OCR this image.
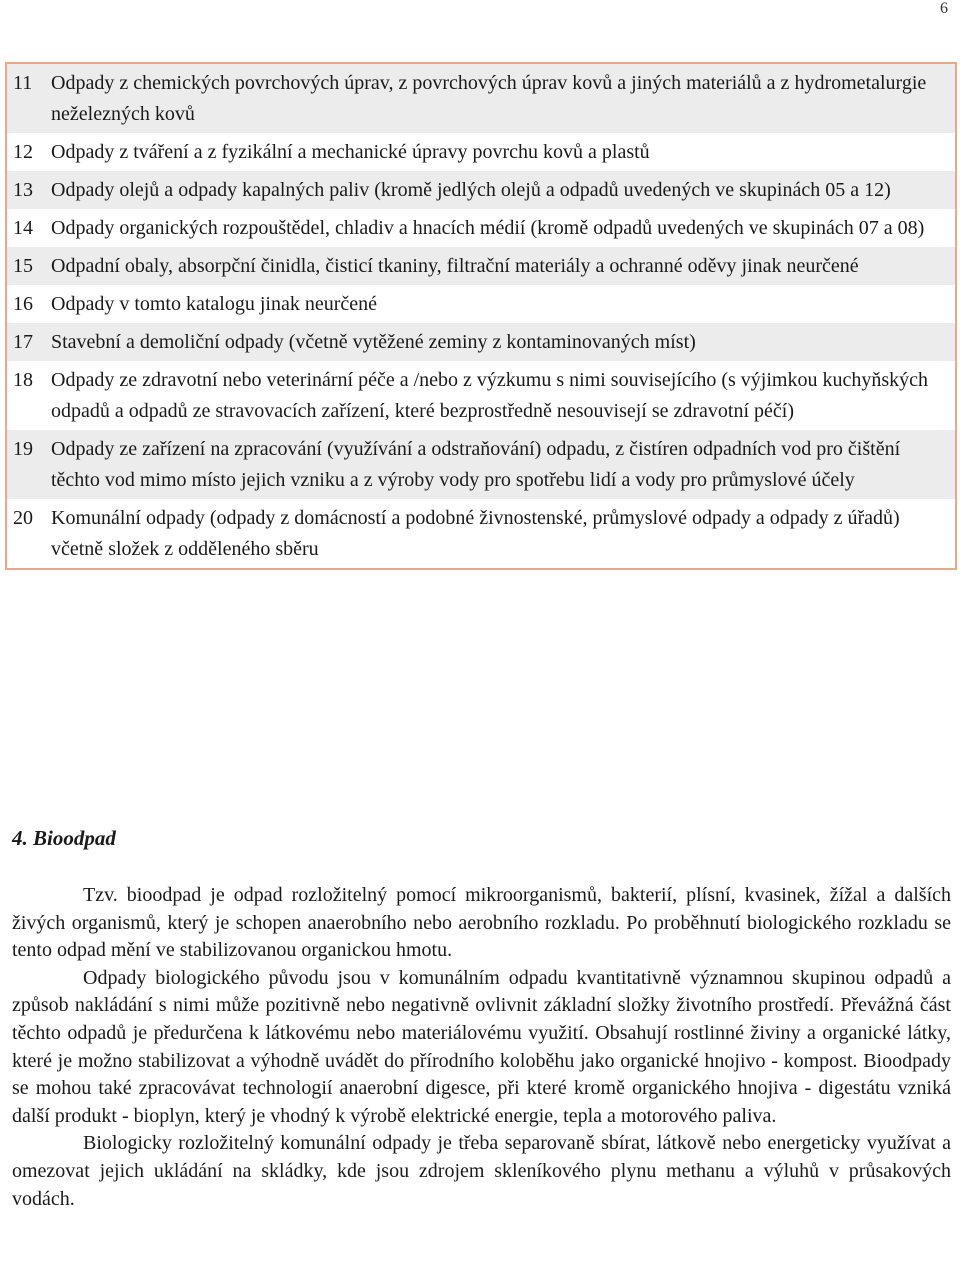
6
11	Odpady z chemických povrchových úprav, z povrchových úprav kovů a jiných materiálů a z hydrometalurgie neželezných kovů
12	Odpady z tváření a z fyzikální a mechanické úpravy povrchu kovů a plastů
13	Odpady olejů a odpady kapalných paliv (kromě jedlých olejů a odpadů uvedených ve skupinách 05 a 12)
14	Odpady organických rozpouštědel, chladiv a hnacích médií (kromě odpadů uvedených ve skupinách 07 a 08)
15	Odpadní obaly, absorpční činidla, čisticí tkaniny, filtrační materiály a ochranné oděvy jinak neurčené
16	Odpady v tomto katalogu jinak neurčené
17	Stavební a demoliční odpady (včetně vytěžené zeminy z kontaminovaných míst)
18	Odpady ze zdravotní nebo veterinární péče a /nebo z výzkumu s nimi souvisejícího (s výjimkou kuchyňských odpadů a odpadů ze stravovacích zařízení, které bezprostředně nesouvisejí se zdravotní péčí)
19	Odpady ze zařízení na zpracování (využívání a odstraňování) odpadu, z čistíren odpadních vod pro čištění těchto vod mimo místo jejich vzniku a z výroby vody pro spotřebu lidí a vody pro průmyslové účely
20	Komunální odpady (odpady z domácností a podobné živnostenské, průmyslové odpady a odpady z úřadů) včetně složek z odděleného sběru
4. Bioodpad

Tzv. bioodpad je odpad rozložitelný pomocí mikroorganismů, bakterií, plísní, kvasinek, žížal a dalších živých organismů, který je schopen anaerobního nebo aerobního rozkladu. Po proběhnutí biologického rozkladu se tento odpad mění ve stabilizovanou organickou hmotu.

Odpady biologického původu jsou v komunálním odpadu kvantitativně významnou skupinou odpadů a způsob nakládání s nimi může pozitivně nebo negativně ovlivnit základní složky životního prostředí. Převážná část těchto odpadů je předurčena k látkovému nebo materiálovému využití. Obsahují rostlinné živiny a organické látky, které je možno stabilizovat a výhodně uvádět do přírodního koloběhu jako organické hnojivo - kompost. Bioodpady se mohou také zpracovávat technologií anaerobní digesce, při které kromě organického hnojiva - digestátu vzniká další produkt - bioplyn, který je vhodný k výrobě elektrické energie, tepla a motorového paliva.

Biologicky rozložitelný komunální odpady je třeba separovaně sbírat, látkově nebo energeticky využívat a omezovat jejich ukládání na skládky, kde jsou zdrojem skleníkového plynu methanu a výluhů v průsakových vodách.
